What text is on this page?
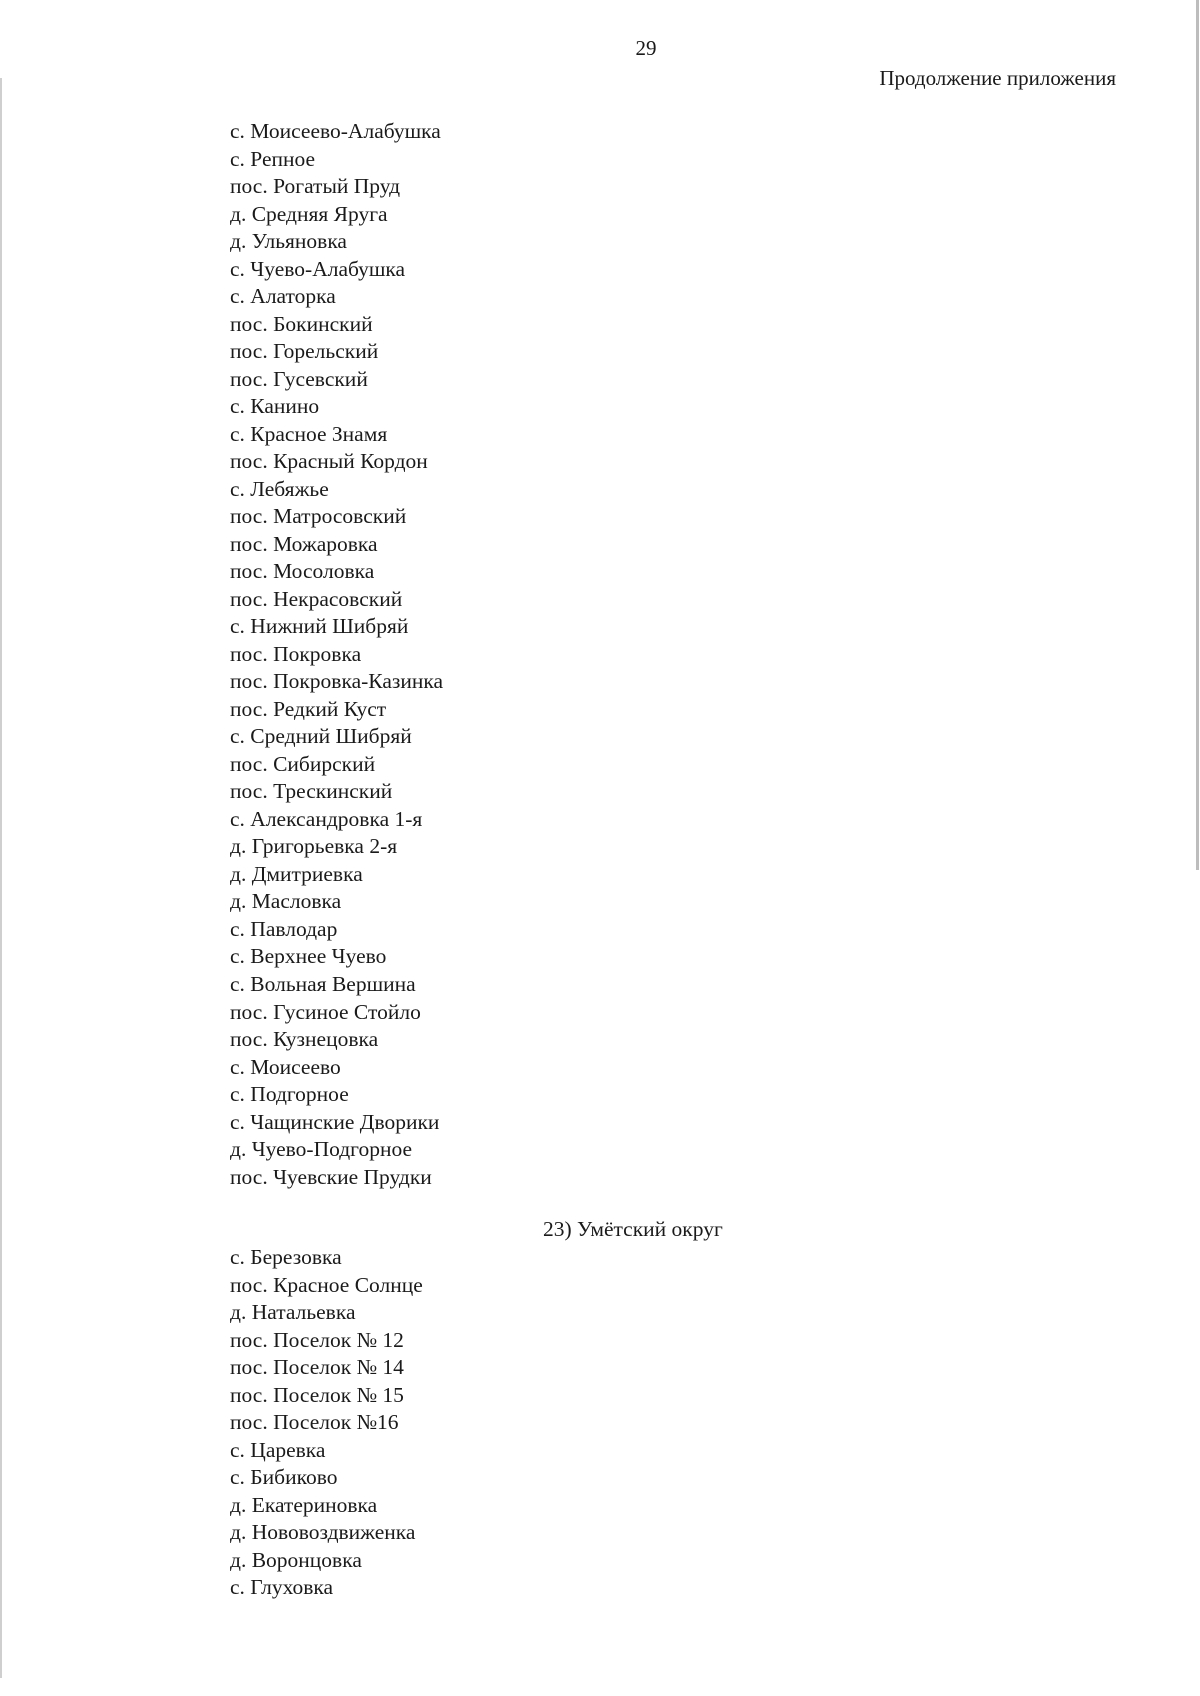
29
Продолжение приложения
с. Моисеево-Алабушка
с. Репное
пос. Рогатый Пруд
д. Средняя Яруга
д. Ульяновка
с. Чуево-Алабушка
с. Алаторка
пос. Бокинский
пос. Горельский
пос. Гусевский
с. Канино
с. Красное Знамя
пос. Красный Кордон
с. Лебяжье
пос. Матросовский
пос. Можаровка
пос. Мосоловка
пос. Некрасовский
с. Нижний Шибряй
пос. Покровка
пос. Покровка-Казинка
пос. Редкий Куст
с. Средний Шибряй
пос. Сибирский
пос. Трескинский
с. Александровка 1-я
д. Григорьевка 2-я
д. Дмитриевка
д. Масловка
с. Павлодар
с. Верхнее Чуево
с. Вольная Вершина
пос. Гусиное Стойло
пос. Кузнецовка
с. Моисеево
с. Подгорное
с. Чащинские Дворики
д. Чуево-Подгорное
пос. Чуевские Прудки
23) Умётский округ
с. Березовка
пос. Красное Солнце
д. Натальевка
пос. Поселок № 12
пос. Поселок № 14
пос. Поселок № 15
пос. Поселок №16
с. Царевка
с. Бибиково
д. Екатериновка
д. Нововоздвиженка
д. Воронцовка
с. Глуховка
